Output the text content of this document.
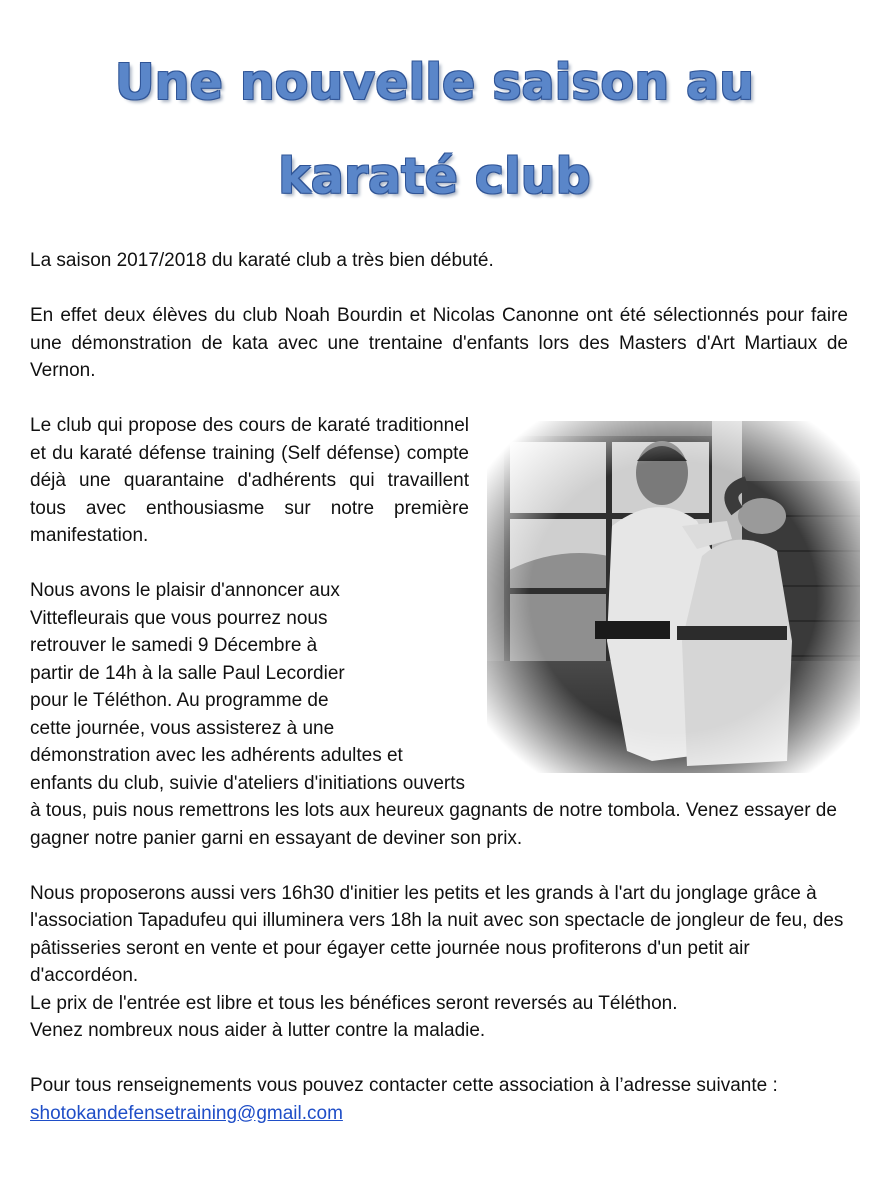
Une nouvelle saison au
karaté club

La saison 2017/2018 du karaté club a très bien débuté.

En effet deux élèves du club Noah Bourdin et Nicolas Canonne ont été sélectionnés pour faire une démonstration de kata avec une trentaine d'enfants lors des Masters d'Art Martiaux de Vernon.

Le club qui propose des cours de karaté traditionnel et du karaté défense training (Self défense) compte déjà une quarantaine d'adhérents qui travaillent tous avec enthousiasme sur notre première manifestation.

Nous avons le plaisir d'annoncer aux
Vittefleurais que vous pourrez nous
retrouver le samedi 9 Décembre à
partir de 14h à la salle Paul Lecordier
pour le Téléthon. Au programme de
cette journée, vous assisterez à une
démonstration avec les adhérents adultes et enfants du club, suivie d'ateliers d'initiations ouverts à tous, puis nous remettrons les lots aux heureux gagnants de notre tombola. Venez essayer de gagner notre panier garni en essayant de deviner son prix.

Nous proposerons aussi vers 16h30 d'initier les petits et les grands à l'art du jonglage grâce à l'association Tapadufeu qui illuminera vers 18h la nuit avec son spectacle de jongleur de feu, des pâtisseries seront en vente et pour égayer cette journée nous profiterons d'un petit air d'accordéon.

Le prix de l'entrée est libre et tous les bénéfices seront reversés au Téléthon.

Venez nombreux nous aider à lutter contre la maladie.

Pour tous renseignements vous pouvez contacter cette association à l’adresse suivante :

shotokandefensetraining@gmail.com
